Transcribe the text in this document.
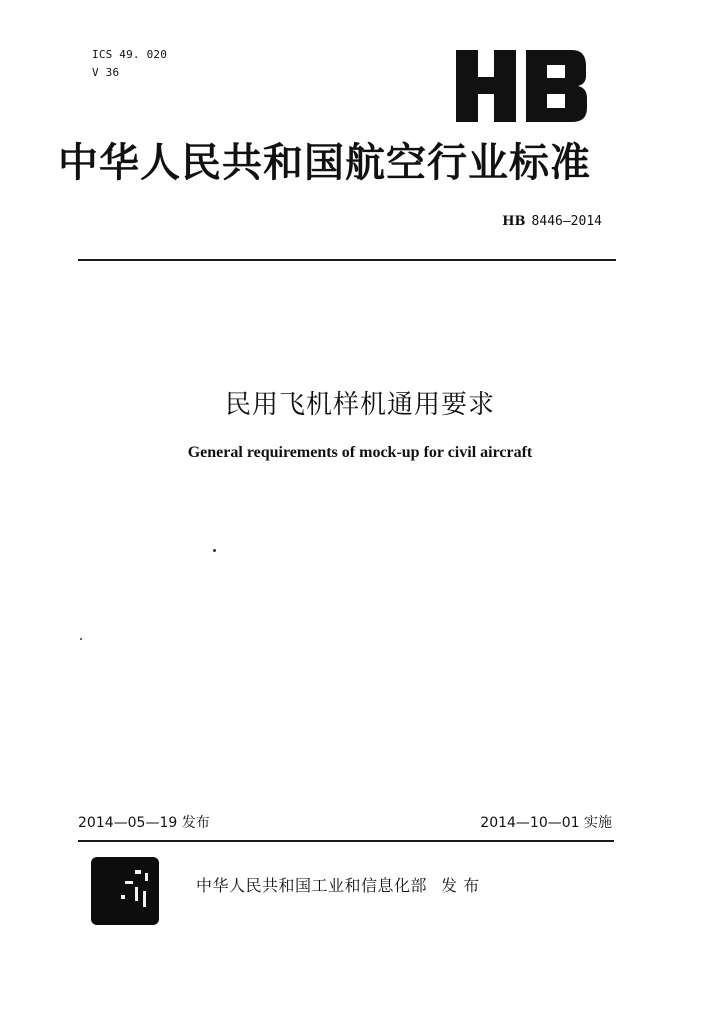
ICS 49. 020
V 36
中华人民共和国航空行业标准
HB 8446—2014
民用飞机样机通用要求
General requirements of mock-up for civil aircraft
2014—05—19 发布	2014—10—01 实施
中华人民共和国工业和信息化部 发 布
